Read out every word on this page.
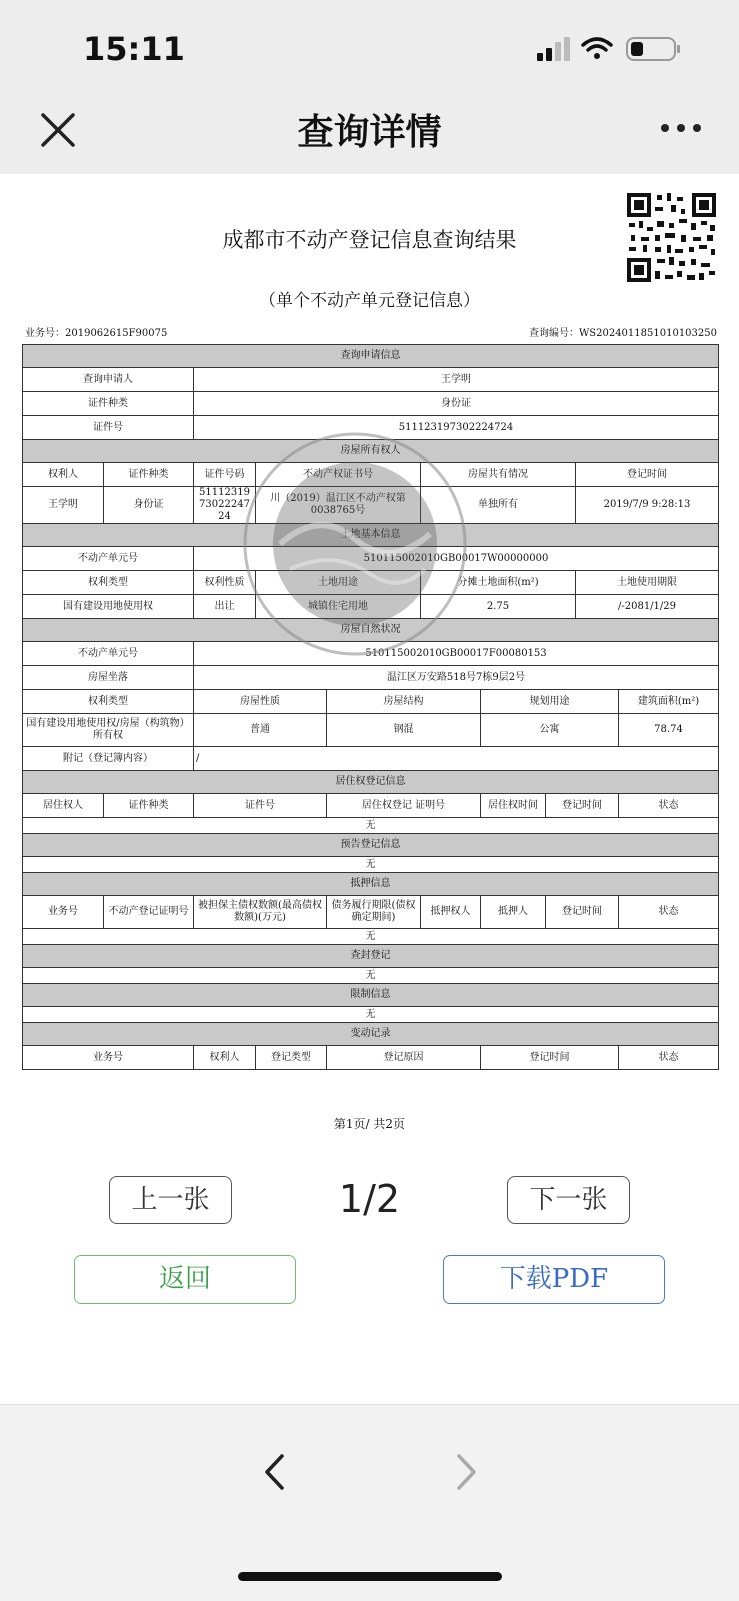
15:11
查询详情
成都市不动产登记信息查询结果
（单个不动产单元登记信息）
业务号：2019062615F90075	查询编号：WS2024011851010103250
查询申请信息									
查询申请人		王学明							
证件种类		身份证							
证件号		511123197302224724							
房屋所有权人									
权利人	证件种类	证件号码	不动产权证书号		房屋共有情况			登记时间	
王学明	身份证	511123197302224724	川（2019）温江区不动产权第0038765号		单独所有			2019/7/9 9:28:13	
土地基本信息									
不动产单元号		510115002010GB00017W00000000							
权利类型		权利性质	土地用途		分摊土地面积(m²)			土地使用期限	
国有建设用地使用权		出让	城镇住宅用地		2.75			/-2081/1/29	
房屋自然状况									
不动产单元号		510115002010GB00017F00080153							
房屋坐落		温江区万安路518号7栋9层2号							
权利类型		房屋性质		房屋结构		规划用途			建筑面积(m²)
国有建设用地使用权/房屋（构筑物）所有权		普通		钢混		公寓			78.74
附记（登记簿内容）		/							
居住权登记信息									
居住权人	证件种类	证件号		居住权登记 证明号		居住权时间	登记时间		状态
无									
预告登记信息									
无									
抵押信息									
业务号	不动产登记证明号	被担保主债权数额(最高债权数额)(万元)		债务履行期限(债权确定期间)	抵押权人	抵押人	登记时间		状态
无									
查封登记									
无									
限制信息									
无									
变动记录									
业务号		权利人	登记类型	登记原因		登记时间			状态
第1页/ 共2页
上一张	1/2	下一张
返回	下载PDF
